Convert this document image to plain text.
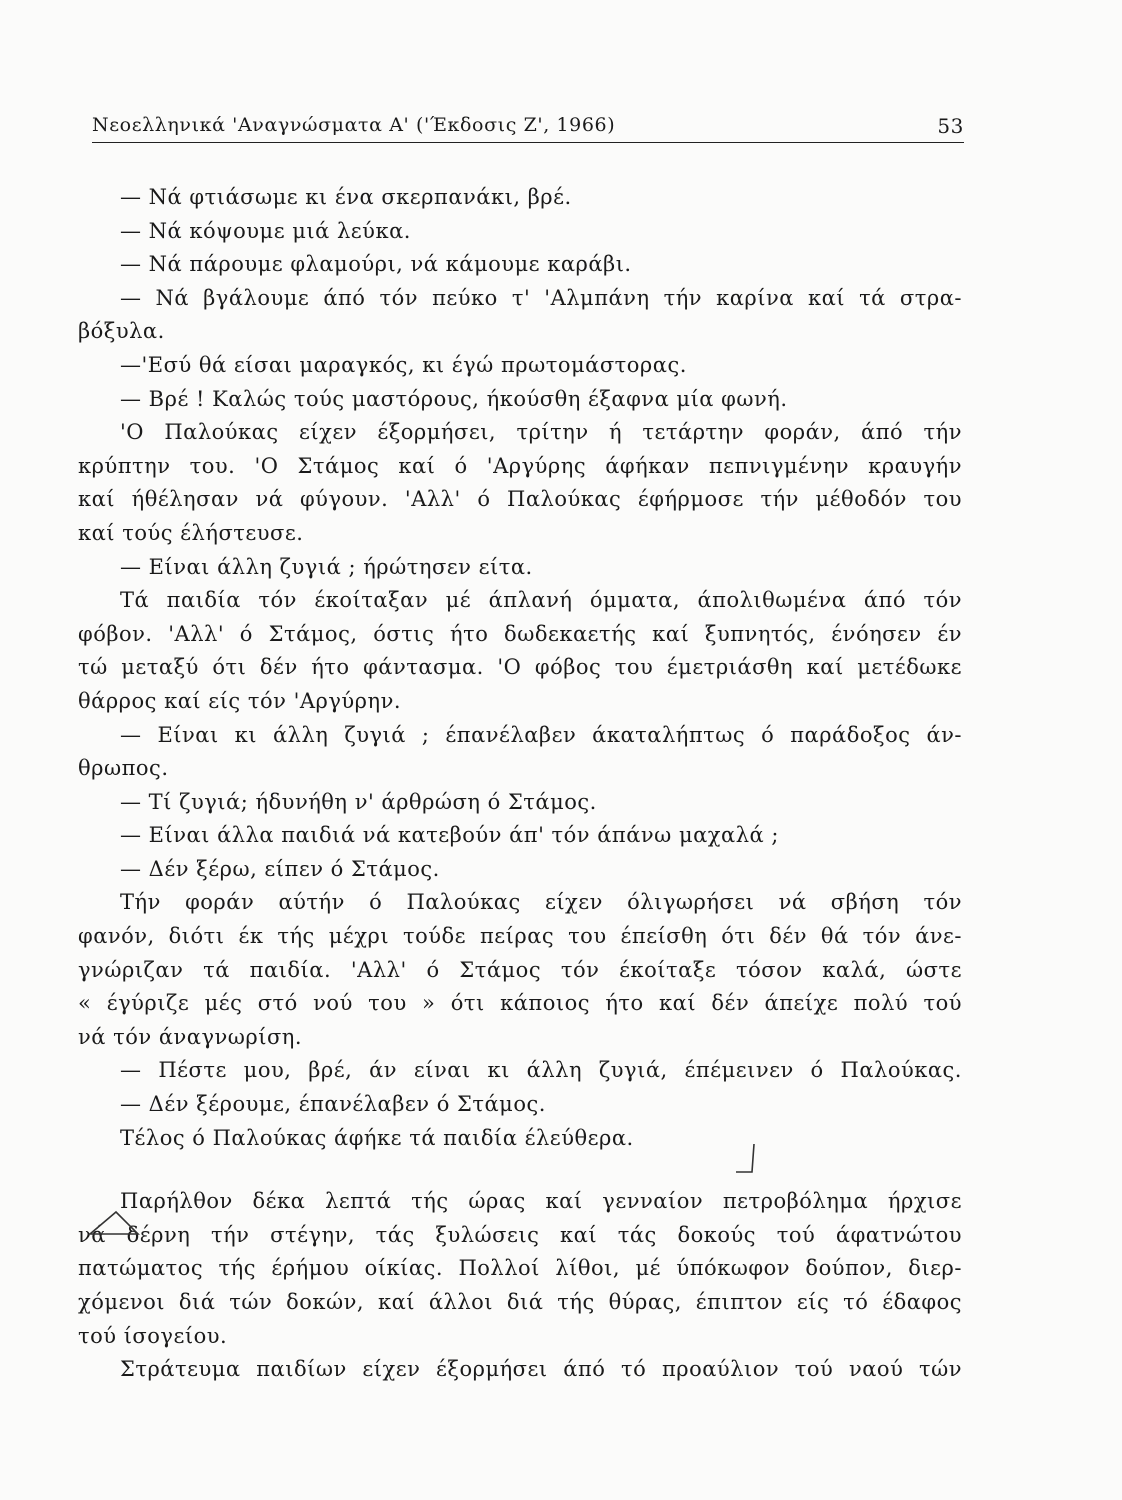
Νεοελληνικά 'Αναγνώσματα Α' ('Έκδοσις Ζ', 1966)	53
— Νά φτιάσωμε κι ένα σκερπανάκι, βρέ.
— Νά κόψουμε μιά λεύκα.
— Νά πάρουμε φλαμούρι, νά κάμουμε καράβι.
— Νά βγάλουμε άπό τόν πεύκο τ' 'Αλμπάνη τήν καρίνα καί τά στρα-
βόξυλα.
—'Εσύ θά είσαι μαραγκός, κι έγώ πρωτομάστορας.
— Βρέ ! Καλώς τούς μαστόρους, ήκούσθη έξαφνα μία φωνή.
'Ο Παλούκας είχεν έξορμήσει, τρίτην ή τετάρτην φοράν, άπό τήν
κρύπτην του. 'Ο Στάμος καί ό 'Αργύρης άφήκαν πεπνιγμένην κραυγήν
καί ήθέλησαν νά φύγουν. 'Αλλ' ό Παλούκας έφήρμοσε τήν μέθοδόν του
καί τούς έλήστευσε.
— Είναι άλλη ζυγιά ; ήρώτησεν είτα.
Τά παιδία τόν έκοίταξαν μέ άπλανή όμματα, άπολιθωμένα άπό τόν
φόβον. 'Αλλ' ό Στάμος, όστις ήτο δωδεκαετής καί ξυπνητός, ένόησεν έν
τώ μεταξύ ότι δέν ήτο φάντασμα. 'Ο φόβος του έμετριάσθη καί μετέδωκε
θάρρος καί είς τόν 'Αργύρην.
— Είναι κι άλλη ζυγιά ; έπανέλαβεν άκαταλήπτως ό παράδοξος άν-
θρωπος.
— Τί ζυγιά; ήδυνήθη ν' άρθρώση ό Στάμος.
— Είναι άλλα παιδιά νά κατεβούν άπ' τόν άπάνω μαχαλά ;
— Δέν ξέρω, είπεν ό Στάμος.
Τήν φοράν αύτήν ό Παλούκας είχεν όλιγωρήσει νά σβήση τόν
φανόν, διότι έκ τής μέχρι τούδε πείρας του έπείσθη ότι δέν θά τόν άνε-
γνώριζαν τά παιδία. 'Αλλ' ό Στάμος τόν έκοίταξε τόσον καλά, ώστε
« έγύριζε μές στό νού του » ότι κάποιος ήτο καί δέν άπείχε πολύ τού
νά τόν άναγνωρίση.
— Πέστε μου, βρέ, άν είναι κι άλλη ζυγιά, έπέμεινεν ό Παλούκας.
— Δέν ξέρουμε, έπανέλαβεν ό Στάμος.
Τέλος ό Παλούκας άφήκε τά παιδία έλεύθερα.
Παρήλθον δέκα λεπτά τής ώρας καί γενναίον πετροβόλημα ήρχισε
νά δέρνη τήν στέγην, τάς ξυλώσεις καί τάς δοκούς τού άφατνώτου
πατώματος τής έρήμου οίκίας. Πολλοί λίθοι, μέ ύπόκωφον δούπον, διερ-
χόμενοι διά τών δοκών, καί άλλοι διά τής θύρας, έπιπτον είς τό έδαφος
τού ίσογείου.
Στράτευμα παιδίων είχεν έξορμήσει άπό τό προαύλιον τού ναού τών
